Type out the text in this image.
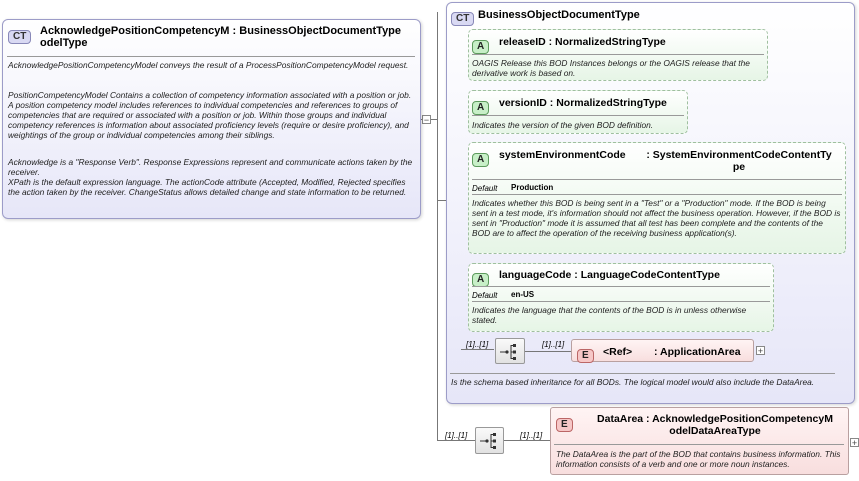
−
CT	AcknowledgePositionCompetencyM : BusinessObjectDocumentType
odelType
AcknowledgePositionCompetencyModel conveys the result of a ProcessPositionCompetencyModel request.
PositionCompetencyModel Contains a collection of competency information associated with a position or job. A position competency model includes references to individual competencies and references to groups of competencies that are required or associated with a position or job. Within those groups and individual competency references is information about associated proficiency levels (require or desire proficiency), and weightings of the group or individual competencies among their siblings.
Acknowledge is a "Response Verb". Response Expressions represent and communicate actions taken by the receiver.
XPath is the default expression language. The actionCode attribute (Accepted, Modified, Rejected specifies the action taken by the receiver. ChangeStatus allows detailed change and state information to be returned.
CT BusinessObjectDocumentType
A	releaseID : NormalizedStringType
OAGIS Release this BOD Instances belongs or the OAGIS release that the derivative work is based on.
A	versionID : NormalizedStringType
Indicates the version of the given BOD definition.
A	systemEnvironmentCode	: SystemEnvironmentCodeContentTy
pe
Default Production
Indicates whether this BOD is being sent in a "Test" or a "Production" mode. If the BOD is being sent in a test mode, it's information should not affect the business operation. However, if the BOD is sent in "Production" mode it is assumed that all test has been complete and the contents of the BOD are to affect the operation of the receiving business application(s).
A	languageCode : LanguageCodeContentType
Default en-US
Indicates the language that the contents of the BOD is in unless otherwise stated.
[1]..[1]	[1]..[1]
E	<Ref> : ApplicationArea +
Is the schema based inheritance for all BODs. The logical model would also include the DataArea.
[1]..[1]	[1]..[1]
E	DataArea : AcknowledgePositionCompetencyM
odelDataAreaType
The DataArea is the part of the BOD that contains business information. This information consists of a verb and one or more noun instances.
+
